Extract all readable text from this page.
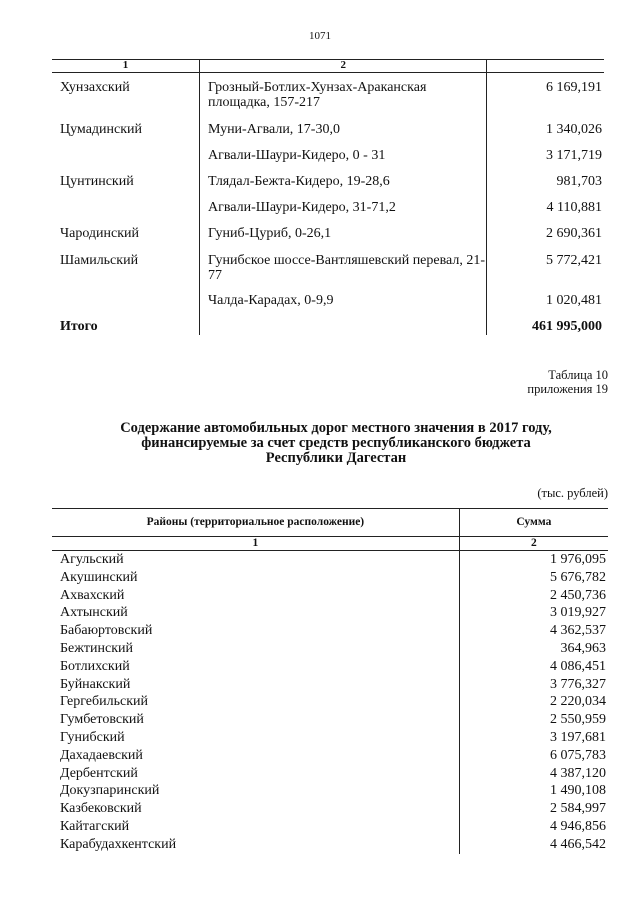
1071
1	2	
Хунзахский	Грозный-Ботлих-Хунзах-Араканская площадка, 157-217	6 169,191
Цумадинский	Муни-Агвали, 17-30,0	1 340,026
	Агвали-Шаури-Кидеро, 0 - 31	3 171,719
Цунтинский	Тлядал-Бежта-Кидеро, 19-28,6	981,703
	Агвали-Шаури-Кидеро, 31-71,2	4 110,881
Чародинский	Гуниб-Цуриб, 0-26,1	2 690,361
Шамильский	Гунибское шоссе-Вантляшевский перевал, 21-77	5 772,421
	Чалда-Карадах, 0-9,9	1 020,481
Итого		461 995,000
Таблица 10
приложения 19
Содержание автомобильных дорог местного значения в 2017 году,
финансируемые за счет средств республиканского бюджета
Республики Дагестан
(тыс. рублей)
Районы (территориальное расположение)	Сумма
1	2
Агульский	1 976,095
Акушинский	5 676,782
Ахвахский	2 450,736
Ахтынский	3 019,927
Бабаюртовский	4 362,537
Бежтинский	364,963
Ботлихский	4 086,451
Буйнакский	3 776,327
Гергебильский	2 220,034
Гумбетовский	2 550,959
Гунибский	3 197,681
Дахадаевский	6 075,783
Дербентский	4 387,120
Докузпаринский	1 490,108
Казбековский	2 584,997
Кайтагский	4 946,856
Карабудахкентский	4 466,542
